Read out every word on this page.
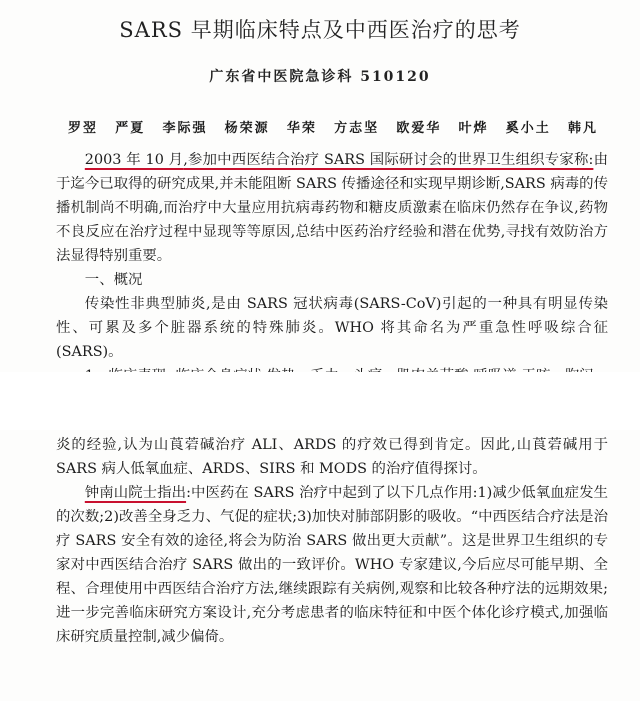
SARS 早期临床特点及中西医治疗的思考
广东省中医院急诊科 510120
罗翌 严夏 李际强 杨荣源 华荣 方志坚 欧爱华 叶烨 奚小土 韩凡

2003 年 10 月,参加中西医结合治疗 SARS 国际研讨会的世界卫生组织专家称:由于迄今已取得的研究成果,并未能阻断 SARS 传播途径和实现早期诊断,SARS 病毒的传播机制尚不明确,而治疗中大量应用抗病毒药物和糖皮质激素在临床仍然存在争议,药物不良反应在治疗过程中显现等等原因,总结中医药治疗经验和潜在优势,寻找有效防治方法显得特别重要。

一、概况

传染性非典型肺炎,是由 SARS 冠状病毒(SARS-CoV)引起的一种具有明显传染性、可累及多个脏器系统的特殊肺炎。WHO 将其命名为严重急性呼吸综合征(SARS)。

炎的经验,认为山莨菪碱治疗 ALI、ARDS 的疗效已得到肯定。因此,山莨菪碱用于 SARS 病人低氧血症、ARDS、SIRS 和 MODS 的治疗值得探讨。

钟南山院士指出:中医药在 SARS 治疗中起到了以下几点作用:1)减少低氧血症发生的次数;2)改善全身乏力、气促的症状;3)加快对肺部阴影的吸收。“中西医结合疗法是治疗 SARS 安全有效的途径,将会为防治 SARS 做出更大贡献”。这是世界卫生组织的专家对中西医结合治疗 SARS 做出的一致评价。WHO 专家建议,今后应尽可能早期、全程、合理使用中西医结合治疗方法,继续跟踪有关病例,观察和比较各种疗法的远期效果;进一步完善临床研究方案设计,充分考虑患者的临床特征和中医个体化诊疗模式,加强临床研究质量控制,减少偏倚。
